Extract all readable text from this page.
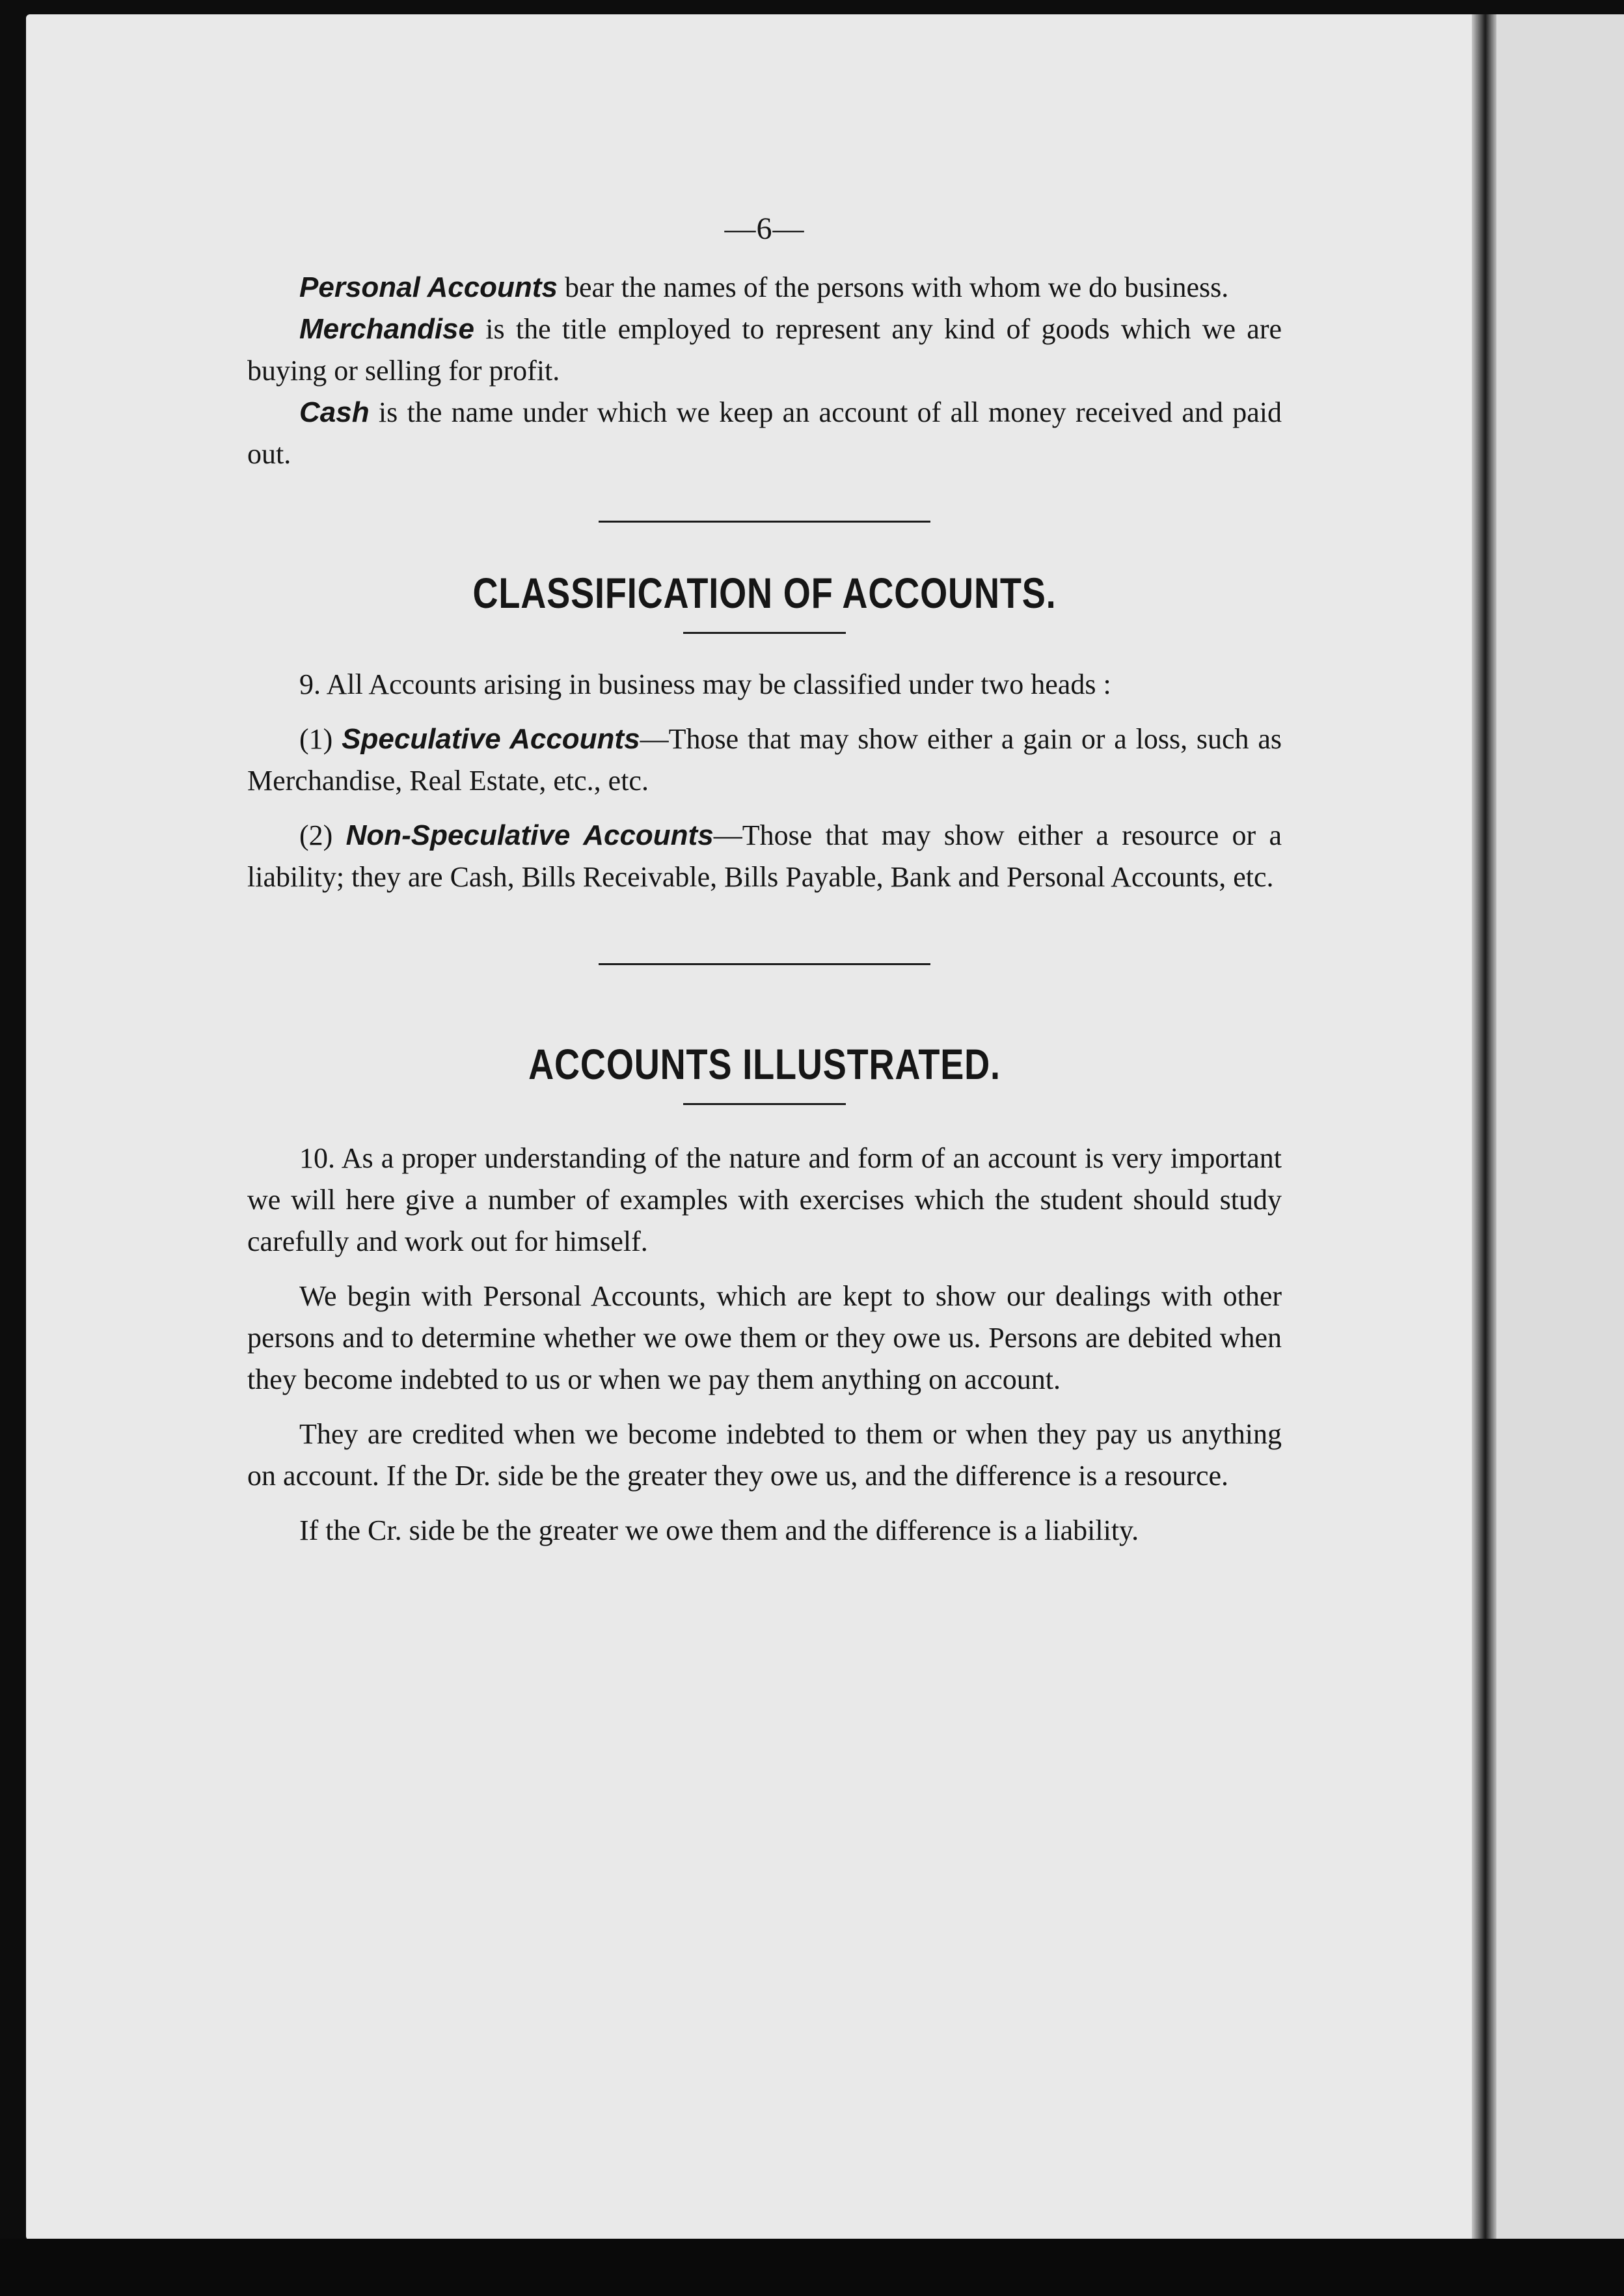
—6—

Personal Accounts bear the names of the persons with whom we do business.

Merchandise is the title employed to represent any kind of goods which we are buying or selling for profit.

Cash is the name under which we keep an account of all money received and paid out.

CLASSIFICATION OF ACCOUNTS.

9. All Accounts arising in business may be classified under two heads :

(1) Speculative Accounts—Those that may show either a gain or a loss, such as Merchandise, Real Estate, etc., etc.

(2) Non-Speculative Accounts—Those that may show either a resource or a liability; they are Cash, Bills Receivable, Bills Payable, Bank and Personal Accounts, etc.

ACCOUNTS ILLUSTRATED.

10. As a proper understanding of the nature and form of an account is very important we will here give a number of examples with exercises which the student should study carefully and work out for himself.

We begin with Personal Accounts, which are kept to show our dealings with other persons and to determine whether we owe them or they owe us. Persons are debited when they become indebted to us or when we pay them anything on account.

They are credited when we become indebted to them or when they pay us anything on account. If the Dr. side be the greater they owe us, and the difference is a resource.

If the Cr. side be the greater we owe them and the difference is a liability.
